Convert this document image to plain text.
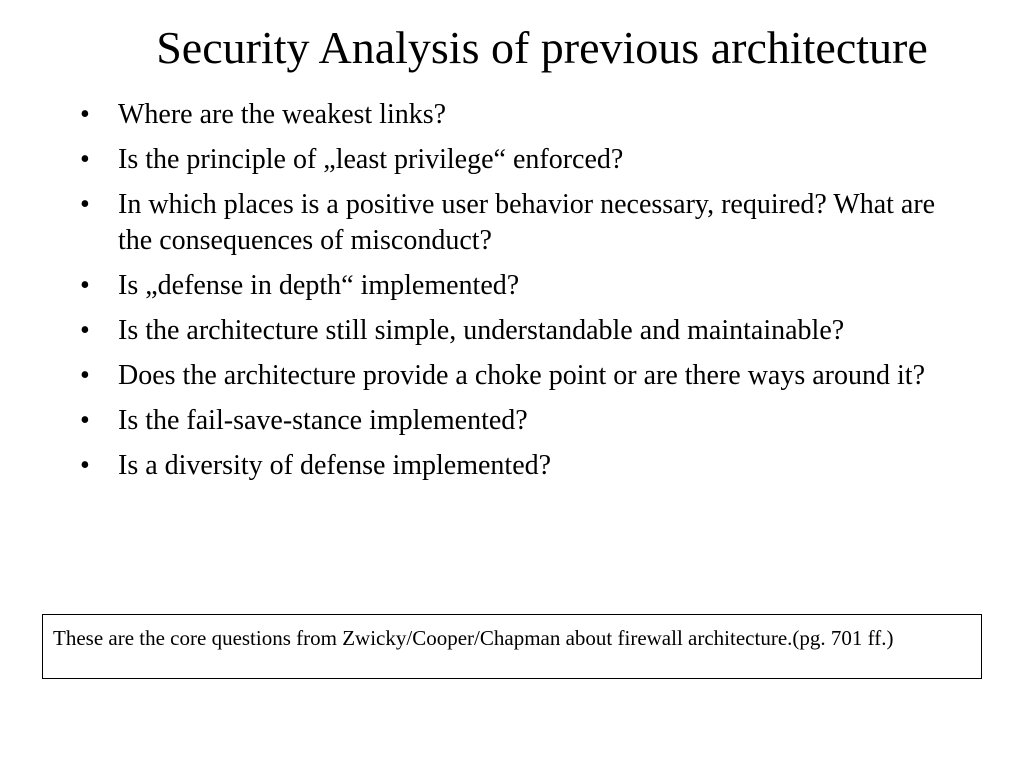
Security Analysis of previous architecture
•	Where are the weakest links?
•	Is the principle of „least privilege“ enforced?
•	In which places is a positive user behavior necessary, required? What are the consequences of misconduct?
•	Is „defense in depth“ implemented?
•	Is the architecture still simple, understandable and maintainable?
•	Does the architecture provide a choke point or are there ways around it?
•	Is the fail-save-stance implemented?
•	Is a diversity of defense implemented?
These are the core questions from Zwicky/Cooper/Chapman about firewall architecture.(pg. 701 ff.)
